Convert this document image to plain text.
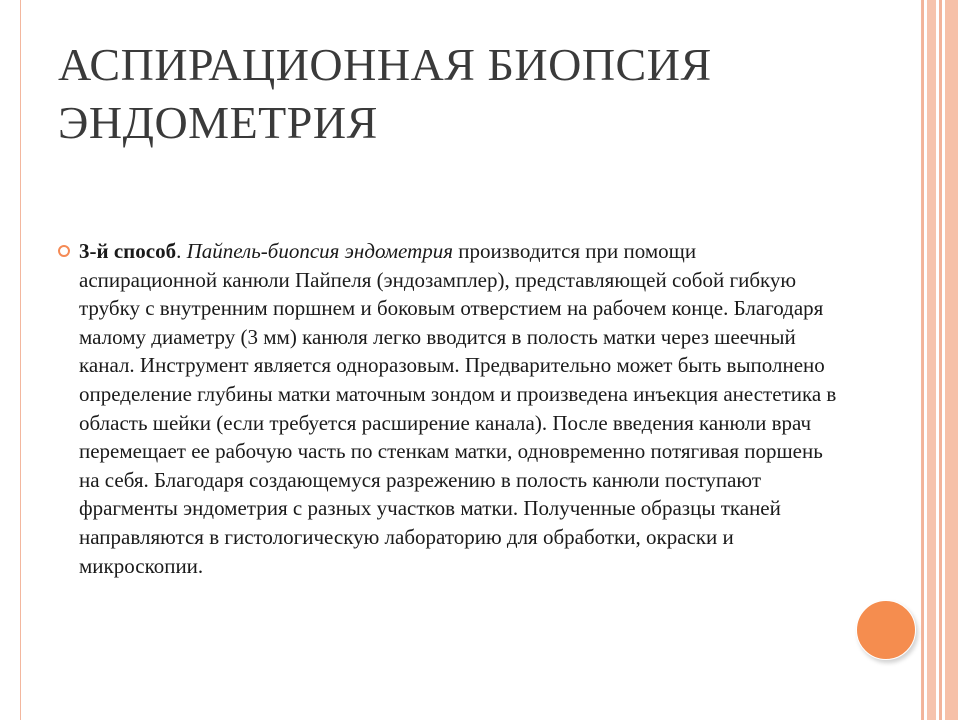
АСПИРАЦИОННАЯ БИОПСИЯ ЭНДОМЕТРИЯ

3-й способ. Пайпель-биопсия эндометрия производится при помощи аспирационной канюли Пайпеля (эндозамплер), представляющей собой гибкую трубку с внутренним поршнем и боковым отверстием на рабочем конце. Благодаря малому диаметру (3 мм) канюля легко вводится в полость матки через шеечный канал. Инструмент является одноразовым. Предварительно может быть выполнено определение глубины матки маточным зондом и произведена инъекция анестетика в область шейки (если требуется расширение канала). После введения канюли врач перемещает ее рабочую часть по стенкам матки, одновременно потягивая поршень на себя. Благодаря создающемуся разрежению в полость канюли поступают фрагменты эндометрия с разных участков матки. Полученные образцы тканей направляются в гистологическую лабораторию для обработки, окраски и микроскопии.
